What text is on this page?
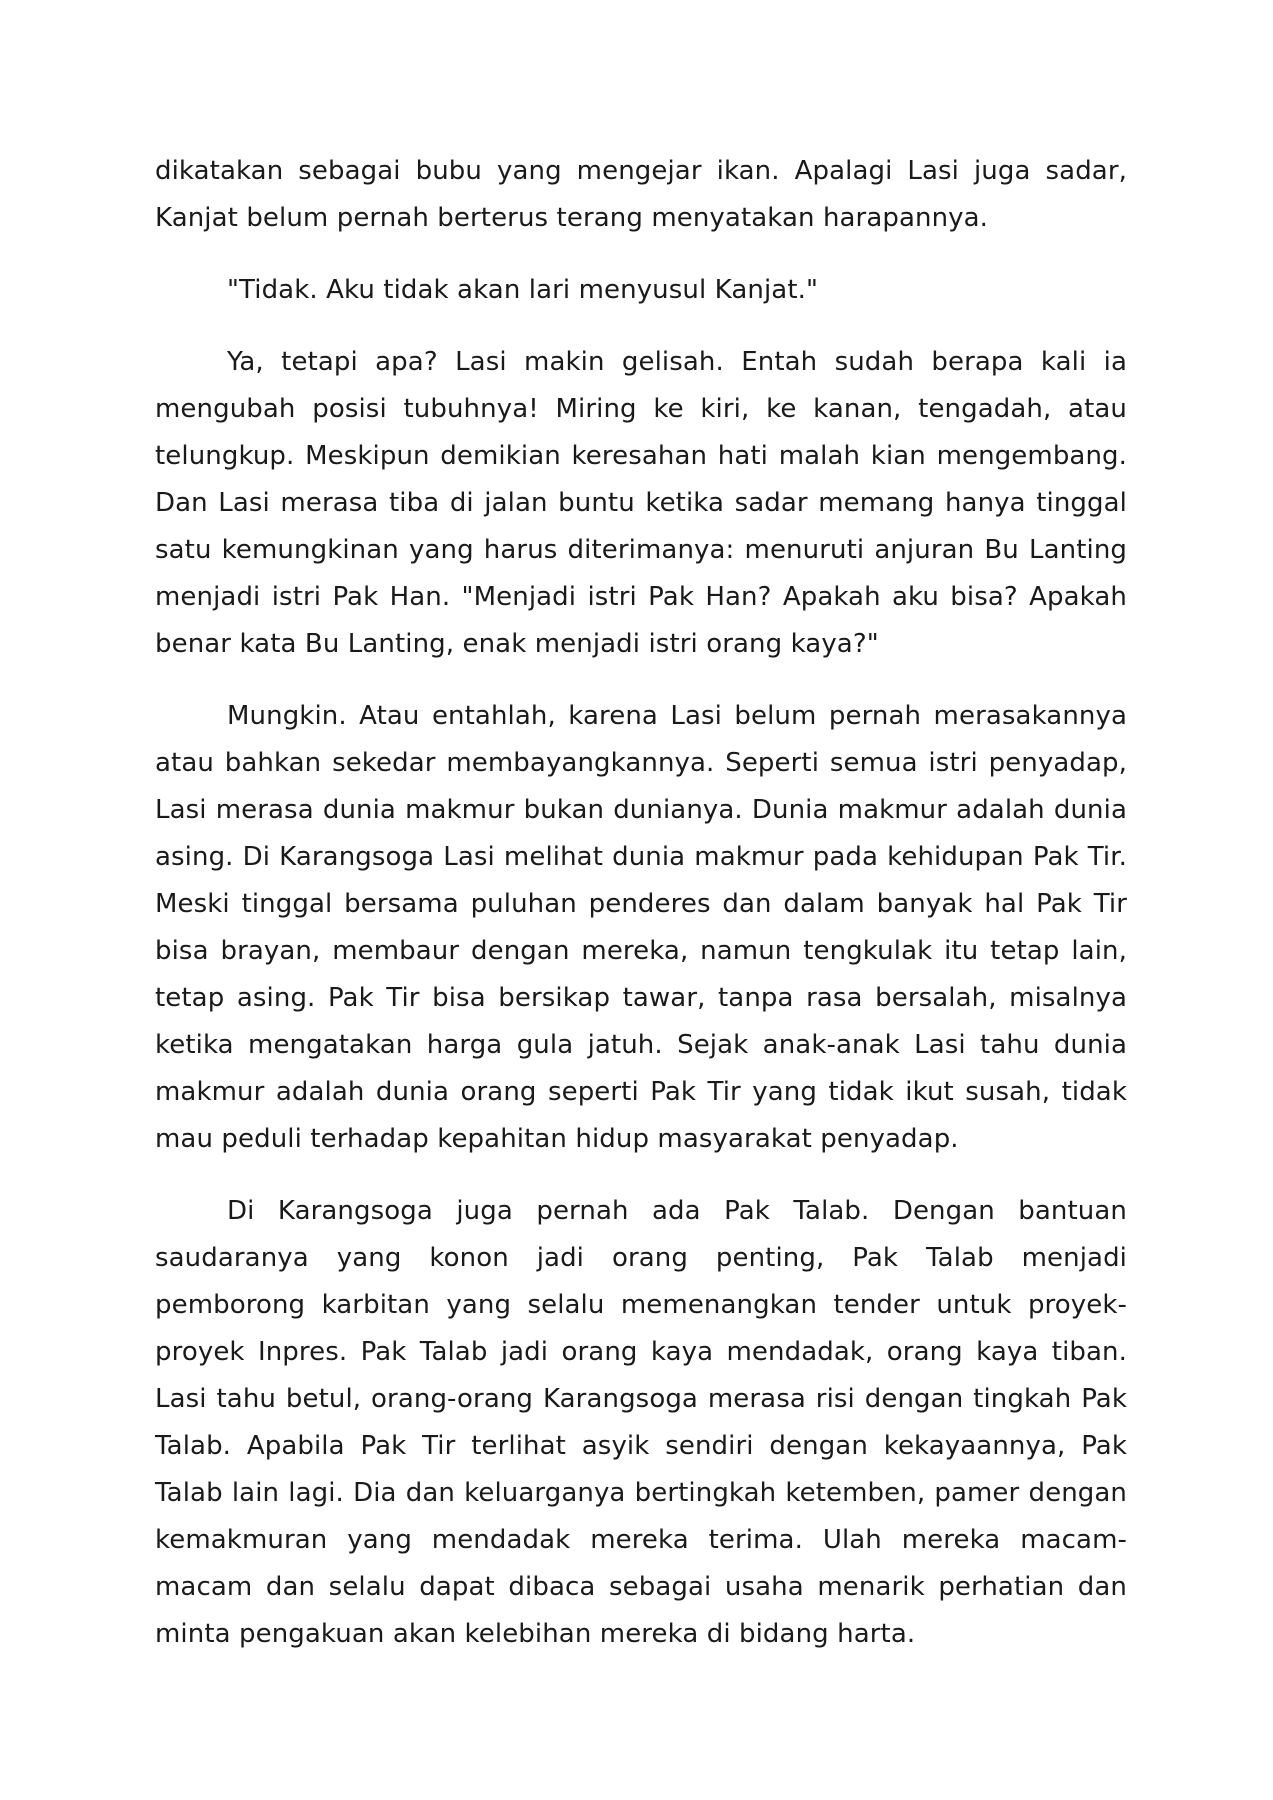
dikatakan sebagai bubu yang mengejar ikan. Apalagi Lasi juga sadar, Kanjat belum pernah berterus terang menyatakan harapannya.

"Tidak. Aku tidak akan lari menyusul Kanjat."

Ya, tetapi apa? Lasi makin gelisah. Entah sudah berapa kali ia mengubah posisi tubuhnya! Miring ke kiri, ke kanan, tengadah, atau telungkup. Meskipun demikian keresahan hati malah kian mengembang. Dan Lasi merasa tiba di jalan buntu ketika sadar memang hanya tinggal satu kemungkinan yang harus diterimanya: menuruti anjuran Bu Lanting menjadi istri Pak Han. "Menjadi istri Pak Han? Apakah aku bisa? Apakah benar kata Bu Lanting, enak menjadi istri orang kaya?"

Mungkin. Atau entahlah, karena Lasi belum pernah merasakannya atau bahkan sekedar membayangkannya. Seperti semua istri penyadap, Lasi merasa dunia makmur bukan dunianya. Dunia makmur adalah dunia asing. Di Karangsoga Lasi melihat dunia makmur pada kehidupan Pak Tir. Meski tinggal bersama puluhan penderes dan dalam banyak hal Pak Tir bisa brayan, membaur dengan mereka, namun tengkulak itu tetap lain, tetap asing. Pak Tir bisa bersikap tawar, tanpa rasa bersalah, misalnya ketika mengatakan harga gula jatuh. Sejak anak-anak Lasi tahu dunia makmur adalah dunia orang seperti Pak Tir yang tidak ikut susah, tidak mau peduli terhadap kepahitan hidup masyarakat penyadap.

Di Karangsoga juga pernah ada Pak Talab. Dengan bantuan saudaranya yang konon jadi orang penting, Pak Talab menjadi pemborong karbitan yang selalu memenangkan tender untuk proyek-proyek Inpres. Pak Talab jadi orang kaya mendadak, orang kaya tiban. Lasi tahu betul, orang-orang Karangsoga merasa risi dengan tingkah Pak Talab. Apabila Pak Tir terlihat asyik sendiri dengan kekayaannya, Pak Talab lain lagi. Dia dan keluarganya bertingkah ketemben, pamer dengan kemakmuran yang mendadak mereka terima. Ulah mereka macam-macam dan selalu dapat dibaca sebagai usaha menarik perhatian dan minta pengakuan akan kelebihan mereka di bidang harta.
